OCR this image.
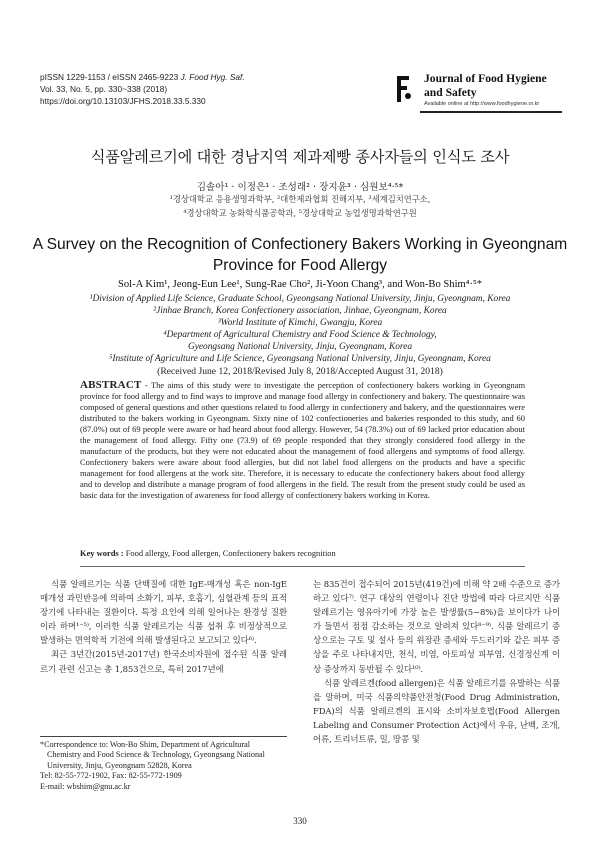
pISSN 1229-1153 / eISSN 2465-9223 J. Food Hyg. Saf.
Vol. 33, No. 5, pp. 330~338 (2018)
https://doi.org/10.13103/JFHS.2018.33.5.330
Journal of Food Hygiene
and Safety
Available online at http://www.foodhygiene.or.kr
식품알레르기에 대한 경남지역 제과제빵 종사자들의 인식도 조사
김솔아¹ · 이정은¹ · 조성래² · 장지윤³ · 심원보⁴·⁵*
¹경상대학교 응용생명과학부, ²대한제과협회 진해지부, ³세계김치연구소,
⁴경상대학교 농화학식품공학과, ⁵경상대학교 농업생명과학연구원
A Survey on the Recognition of Confectionery Bakers Working in Gyeongnam
Province for Food Allergy
Sol-A Kim¹, Jeong-Eun Lee¹, Sung-Rae Cho², Ji-Yoon Chang³, and Won-Bo Shim⁴·⁵*
¹Division of Applied Life Science, Graduate School, Gyeongsang National University, Jinju, Gyeongnam, Korea
²Jinhae Branch, Korea Confectionery association, Jinhae, Gyeongnam, Korea
³World Institute of Kimchi, Gwangju, Korea
⁴Department of Agricultural Chemistry and Food Science & Technology,
Gyeongsang National University, Jinju, Gyeongnam, Korea
⁵Institute of Agriculture and Life Science, Gyeongsang National University, Jinju, Gyeongnam, Korea
(Received June 12, 2018/Revised July 8, 2018/Accepted August 31, 2018)
ABSTRACT - The aims of this study were to investigate the perception of confectionery bakers working in Gyeongnam province for food allergy and to find ways to improve and manage food allergy in confectionery and bakery. The questionnaire was composed of general questions and other questions related to food allergy in confectionery and bakery, and the questionnaires were distributed to the bakers working in Gyeongnam. Sixty nine of 102 confectioneries and bakeries responded to this study, and 60 (87.0%) out of 69 people were aware or had heard about food allergy. However, 54 (78.3%) out of 69 lacked prior education about the management of food allergy. Fifty one (73.9) of 69 people responded that they strongly considered food allergy in the manufacture of the products, but they were not educated about the management of food allergens and symptoms of food allergy. Confectionery bakers were aware about food allergies, but did not label food allergens on the products and have a specific management for food allergens at the work site. Therefore, it is necessary to educate the confectionery bakers about food allergy and to develop and distribute a manage program of food allergens in the field. The result from the present study could be used as basic data for the investigation of awareness for food allergy of confectionery bakers working in Korea.
Key words : Food allergy, Food allergen, Confectionery bakers recognition

식품 알레르기는 식품 단백질에 대한 IgE-매개성 혹은 non-IgE 매개성 과민반응에 의하여 소화기, 피부, 호흡기, 심혈관계 등의 표적 장기에 나타내는 질환이다. 특정 요인에 의해 일어나는 환경성 질환이라 하며¹⁻⁵⁾, 이러한 식품 알레르기는 식품 섭취 후 비정상적으로 발생하는 면역학적 기전에 의해 발생된다고 보고되고 있다⁶⁾.

최근 3년간(2015년-2017년) 한국소비자원에 접수된 식품 알레르기 관련 신고는 총 1,853건으로, 특히 2017년에

는 835건이 접수되어 2015년(419건)에 비해 약 2배 수준으로 증가하고 있다⁷⁾. 연구 대상의 연령이나 진단 방법에 따라 다르지만 식품 알레르기는 영유아기에 가장 높은 발생률(5~8%)을 보이다가 나이가 들면서 점점 감소하는 것으로 알려져 있다⁸⁻⁹⁾. 식품 알레르기 증상으로는 구토 및 설사 등의 위장관 증세와 두드러기와 같은 피부 증상을 주로 나타내지만, 천식, 비염, 아토피성 피부염, 신경정신계 이상 증상까지 동반될 수 있다¹⁰⁾.

식품 알레르겐(food allergen)은 식품 알레르기를 유발하는 식품을 말하며, 미국 식품의약품안전청(Food Drug Administration, FDA)의 식품 알레르겐의 표시와 소비자보호법(Food Allergen Labeling and Consumer Protection Act)에서 우유, 난백, 조개, 어류, 트리너트류, 밀, 땅콩 및

*Correspondence to: Won-Bo Shim, Department of Agricultural
Chemistry and Food Science & Technology, Gyeongsang National
University, Jinju, Gyeongnam 52828, Korea
Tel: 82-55-772-1902, Fax: 82-55-772-1909
E-mail: wbshim@gnu.ac.kr
330
